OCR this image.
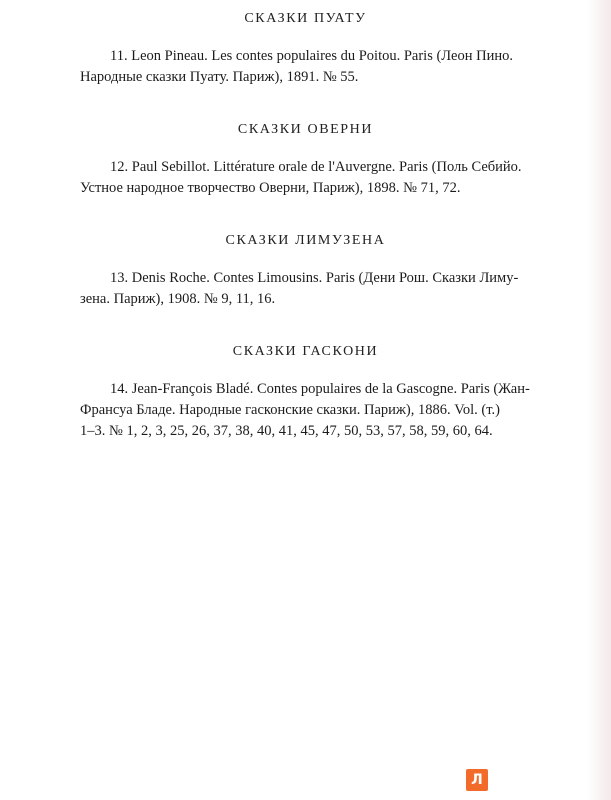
СКАЗКИ ПУАТУ
11. Leon Pineau. Les contes populaires du Poitou. Paris (Леон Пино.
Народные сказки Пуату. Париж), 1891. № 55.
СКАЗКИ ОВЕРНИ
12. Paul Sebillot. Littérature orale de l'Auvergne. Paris (Поль Себийо.
Устное народное творчество Оверни, Париж), 1898. № 71, 72.
СКАЗКИ ЛИМУЗЕНА
13. Denis Roche. Contes Limousins. Paris (Дени Рош. Сказки Лиму-
зена. Париж), 1908. № 9, 11, 16.
СКАЗКИ ГАСКОНИ
14. Jean-François Bladé. Contes populaires de la Gascogne. Paris (Жан-
Франсуа Бладе. Народные гасконские сказки. Париж), 1886. Vol. (т.)
1–3. № 1, 2, 3, 25, 26, 37, 38, 40, 41, 45, 47, 50, 53, 57, 58, 59, 60, 64.
Л
